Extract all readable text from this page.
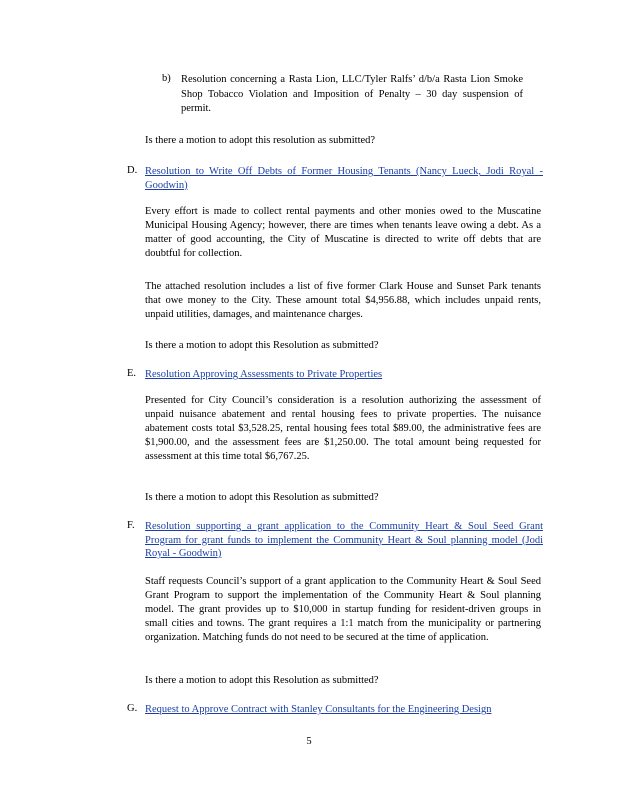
b) Resolution concerning a Rasta Lion, LLC/Tyler Ralfs’ d/b/a Rasta Lion Smoke Shop Tobacco Violation and Imposition of Penalty – 30 day suspension of permit.
Is there a motion to adopt this resolution as submitted?
D. Resolution to Write Off Debts of Former Housing Tenants (Nancy Lueck, Jodi Royal - Goodwin)
Every effort is made to collect rental payments and other monies owed to the Muscatine Municipal Housing Agency; however, there are times when tenants leave owing a debt. As a matter of good accounting, the City of Muscatine is directed to write off debts that are doubtful for collection.
The attached resolution includes a list of five former Clark House and Sunset Park tenants that owe money to the City. These amount total $4,956.88, which includes unpaid rents, unpaid utilities, damages, and maintenance charges.
Is there a motion to adopt this Resolution as submitted?
E. Resolution Approving Assessments to Private Properties
Presented for City Council’s consideration is a resolution authorizing the assessment of unpaid nuisance abatement and rental housing fees to private properties. The nuisance abatement costs total $3,528.25, rental housing fees total $89.00, the administrative fees are $1,900.00, and the assessment fees are $1,250.00. The total amount being requested for assessment at this time total $6,767.25.
Is there a motion to adopt this Resolution as submitted?
F. Resolution supporting a grant application to the Community Heart & Soul Seed Grant Program for grant funds to implement the Community Heart & Soul planning model (Jodi Royal - Goodwin)
Staff requests Council’s support of a grant application to the Community Heart & Soul Seed Grant Program to support the implementation of the Community Heart & Soul planning model. The grant provides up to $10,000 in startup funding for resident-driven groups in small cities and towns. The grant requires a 1:1 match from the municipality or partnering organization. Matching funds do not need to be secured at the time of application.
Is there a motion to adopt this Resolution as submitted?
G. Request to Approve Contract with Stanley Consultants for the Engineering Design
5
